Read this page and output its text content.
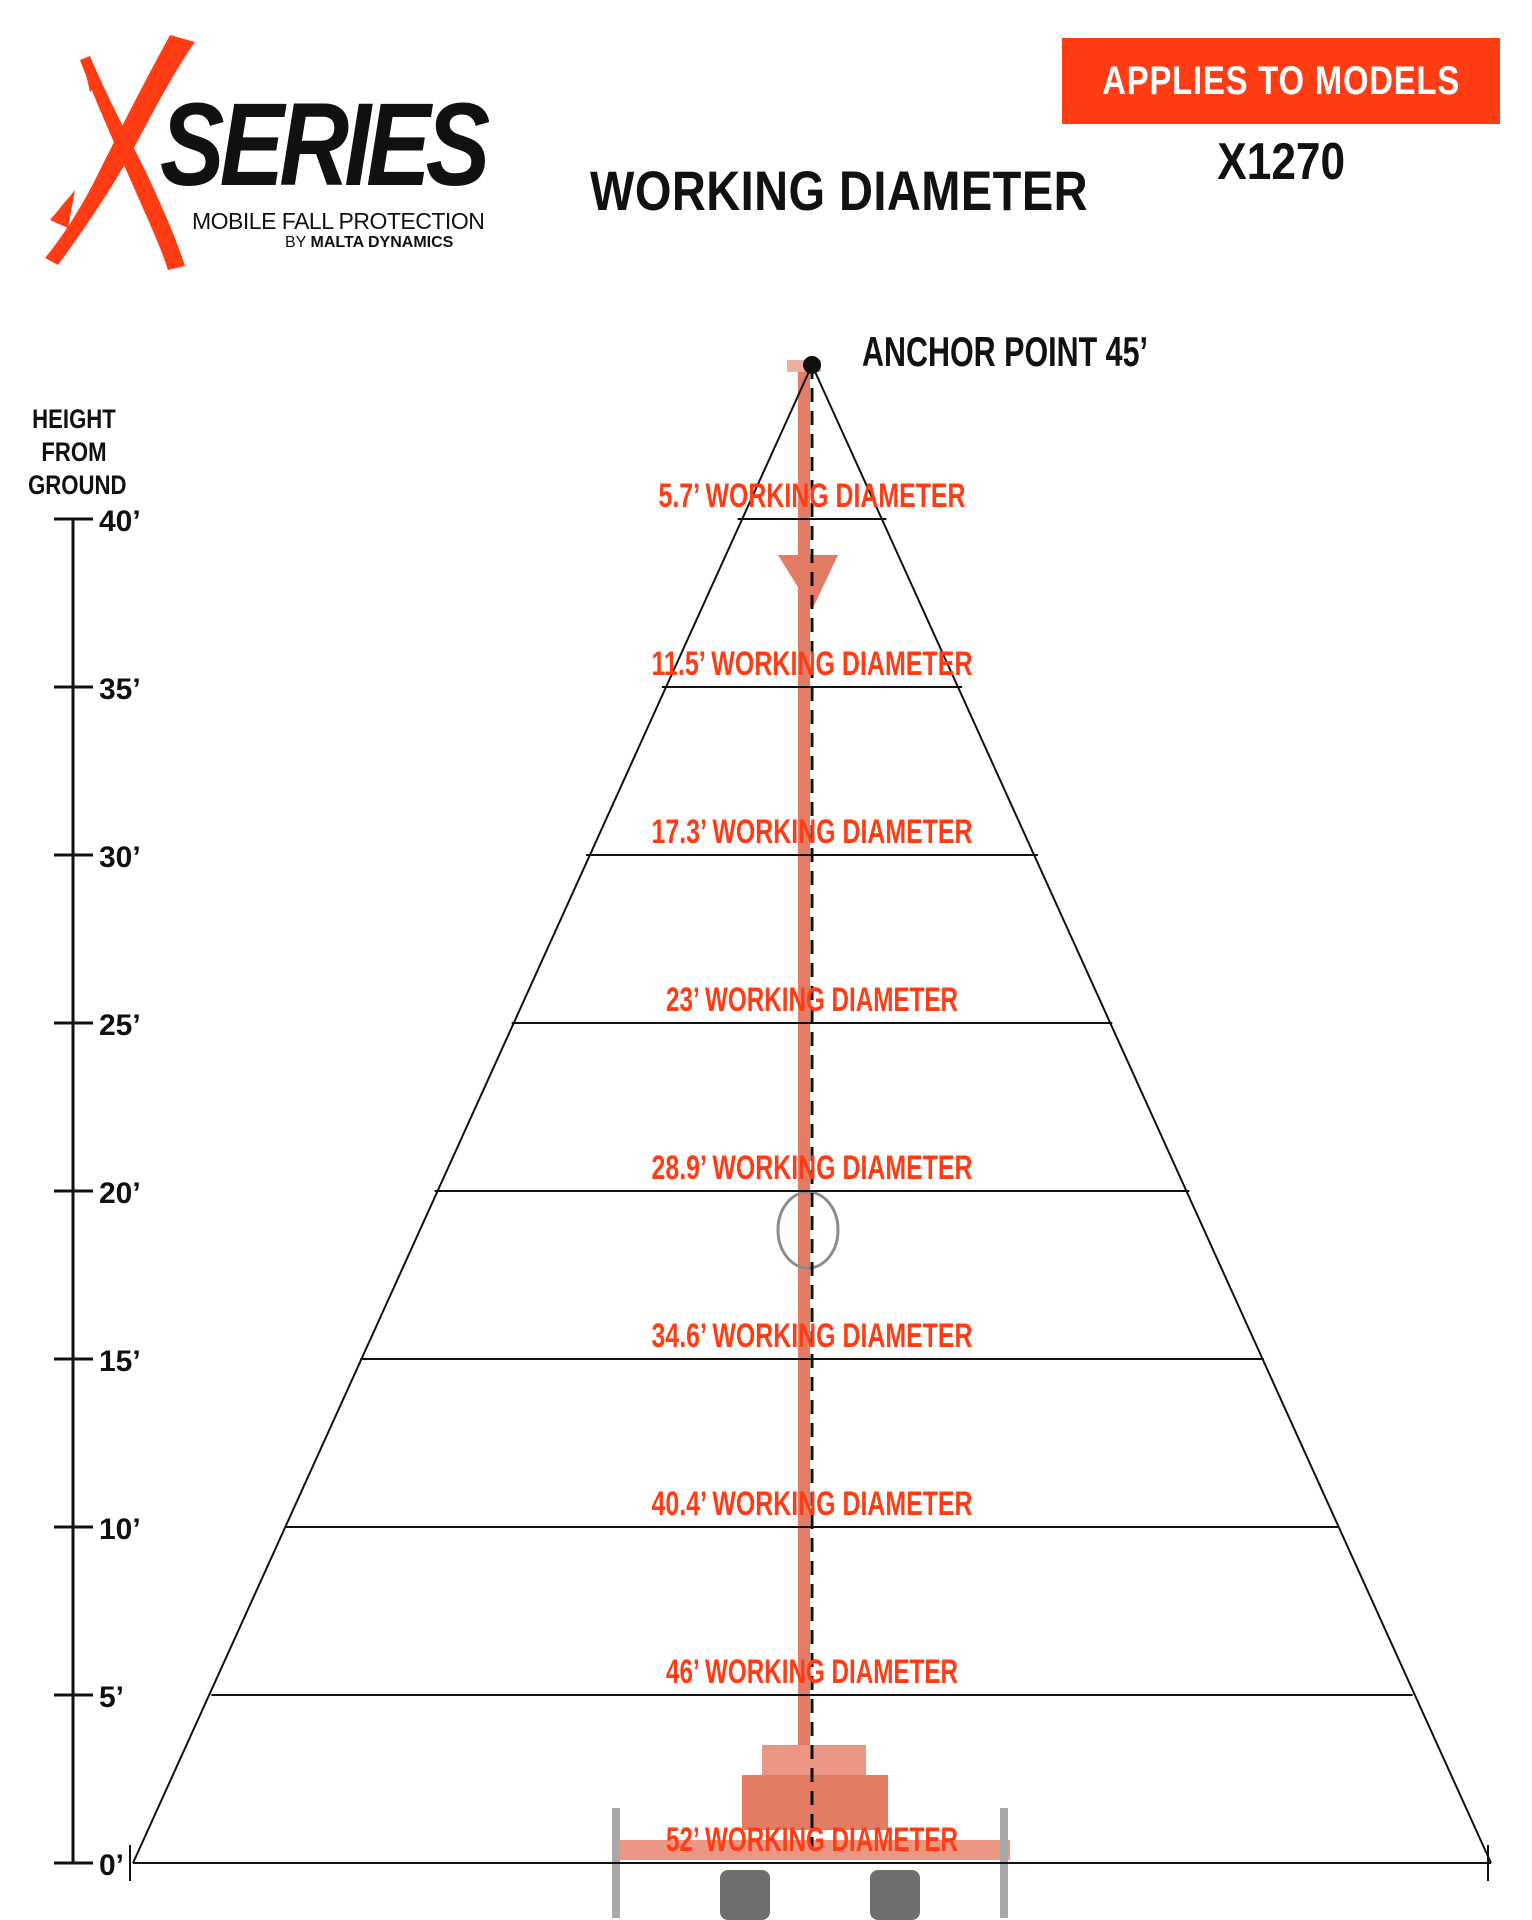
SERIES
MOBILE FALL PROTECTION
BY MALTA DYNAMICS
WORKING DIAMETER
APPLIES TO MODELS
X1270
HEIGHT
FROM
GROUND
ANCHOR POINT 45’
0’
5’
10’
15’
20’
25’
30’
35’
40’
5.7’ WORKING DIAMETER
11.5’ WORKING DIAMETER
17.3’ WORKING DIAMETER
23’ WORKING DIAMETER
28.9’ WORKING DIAMETER
34.6’ WORKING DIAMETER
40.4’ WORKING DIAMETER
46’ WORKING DIAMETER
52’ WORKING DIAMETER
